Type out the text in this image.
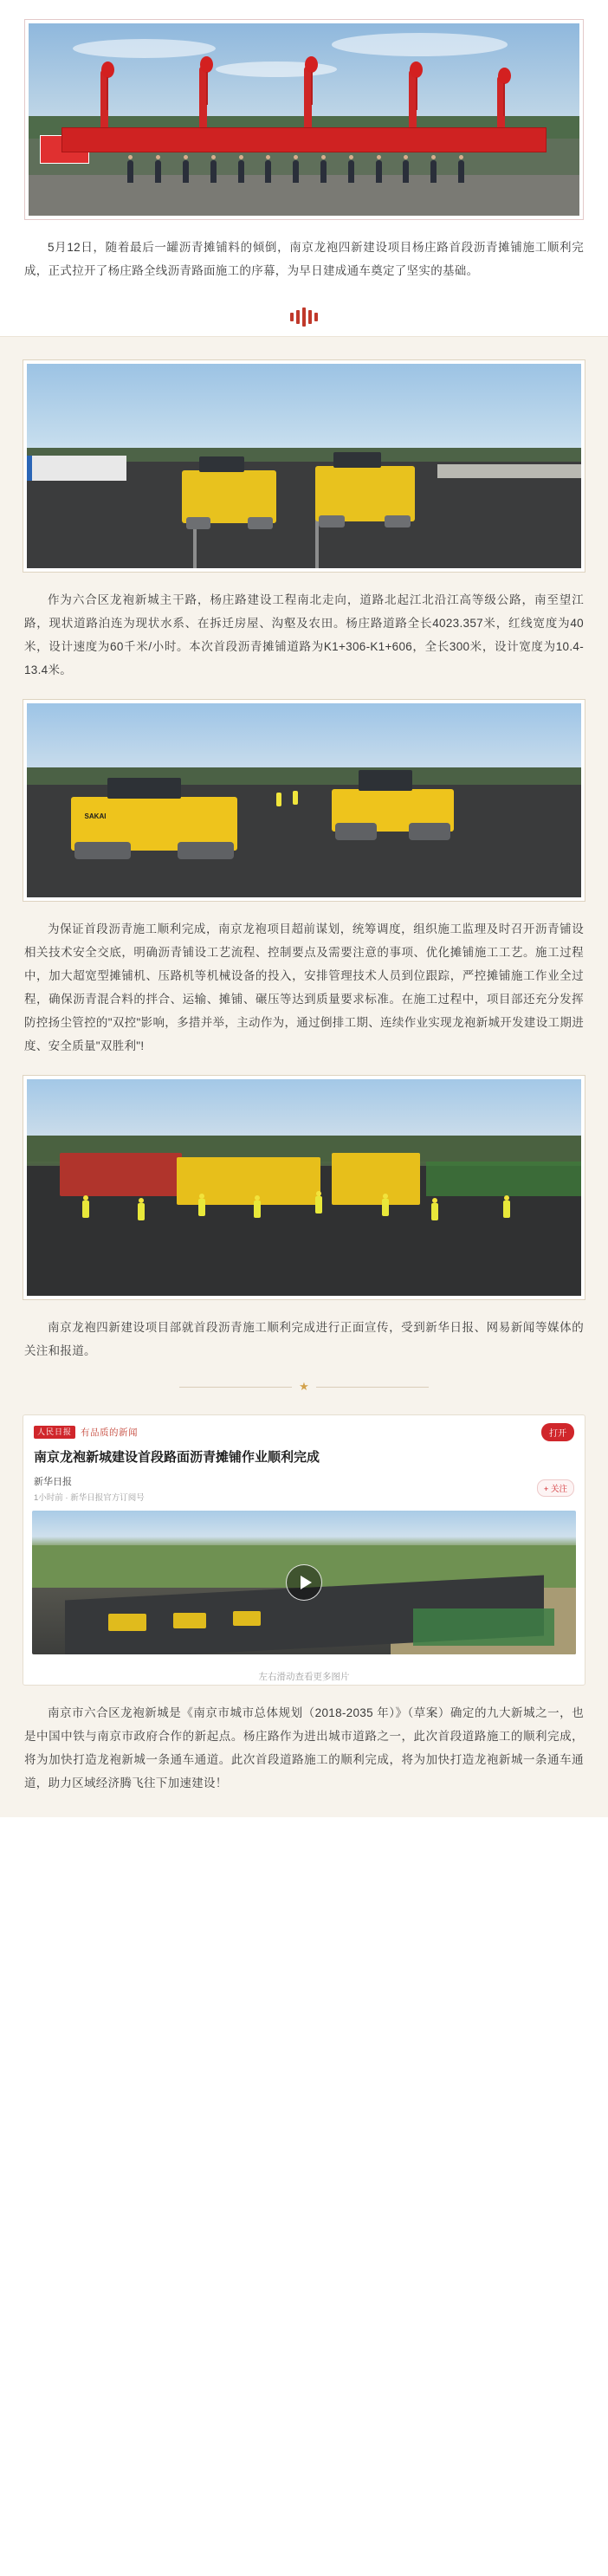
5月12日，随着最后一罐沥青摊铺料的倾倒，南京龙袍四新建设项目杨庄路首段沥青摊铺施工顺利完成，正式拉开了杨庄路全线沥青路面施工的序幕，为早日建成通车奠定了坚实的基础。

作为六合区龙袍新城主干路，杨庄路建设工程南北走向，道路北起江北沿江高等级公路，南至望江路，现状道路泊连为现状水系、在拆迁房屋、沟壑及农田。杨庄路道路全长4023.357米，红线宽度为40米，设计速度为60千米/小时。本次首段沥青摊铺道路为K1+306-K1+606，全长300米，设计宽度为10.4-13.4米。

SAKAI

为保证首段沥青施工顺利完成，南京龙袍项目超前谋划，统筹调度，组织施工监理及时召开沥青铺设相关技术安全交底，明确沥青铺设工艺流程、控制要点及需要注意的事项、优化摊铺施工工艺。施工过程中，加大超宽型摊铺机、压路机等机械设备的投入，安排管理技术人员到位跟踪，严控摊铺施工作业全过程，确保沥青混合料的拌合、运输、摊铺、碾压等达到质量要求标准。在施工过程中，项目部还充分发挥防控扬尘管控的"双控"影响，多措并举，主动作为，通过倒排工期、连续作业实现龙袍新城开发建设工期进度、安全质量"双胜利"!

南京龙袍四新建设项目部就首段沥青施工顺利完成进行正面宣传，受到新华日报、网易新闻等媒体的关注和报道。

★
人民日报 有品质的新闻	打开
南京龙袍新城建设首段路面沥青摊铺作业顺利完成
新华日报
1小时前 · 新华日报官方订阅号
+ 关注
左右滑动查看更多图片

南京市六合区龙袍新城是《南京市城市总体规划（2018-2035 年）》（草案）确定的九大新城之一，也是中国中铁与南京市政府合作的新起点。杨庄路作为进出城市道路之一，此次首段道路施工的顺利完成，将为加快打造龙袍新城一条通车通道。此次首段道路施工的顺利完成，将为加快打造龙袍新城一条通车通道，助力区域经济腾飞往下加速建设！
